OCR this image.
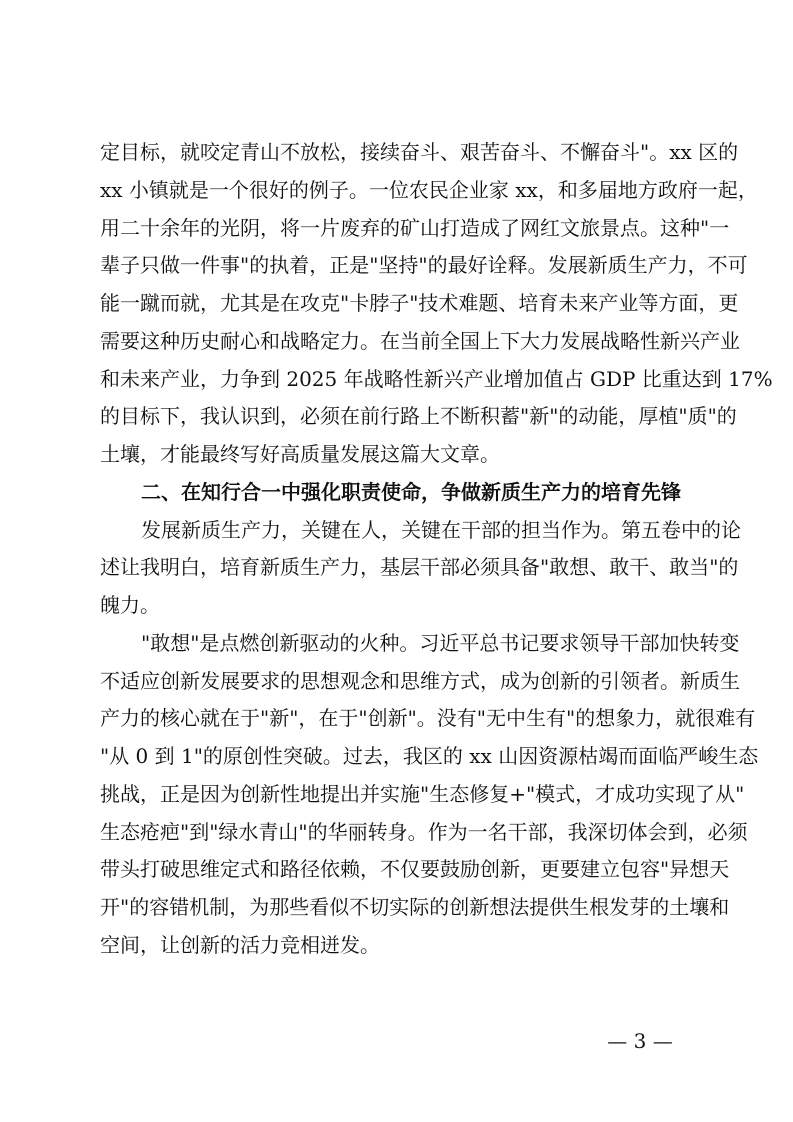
定目标，就咬定青山不放松，接续奋斗、艰苦奋斗、不懈奋斗"。xx 区的
xx 小镇就是一个很好的例子。一位农民企业家 xx，和多届地方政府一起，
用二十余年的光阴，将一片废弃的矿山打造成了网红文旅景点。这种"一
辈子只做一件事"的执着，正是"坚持"的最好诠释。发展新质生产力，不可
能一蹴而就，尤其是在攻克"卡脖子"技术难题、培育未来产业等方面，更
需要这种历史耐心和战略定力。在当前全国上下大力发展战略性新兴产业
和未来产业，力争到 2025 年战略性新兴产业增加值占 GDP 比重达到 17%
的目标下，我认识到，必须在前行路上不断积蓄"新"的动能，厚植"质"的
土壤，才能最终写好高质量发展这篇大文章。
二、在知行合一中强化职责使命，争做新质生产力的培育先锋
发展新质生产力，关键在人，关键在干部的担当作为。第五卷中的论
述让我明白，培育新质生产力，基层干部必须具备"敢想、敢干、敢当"的
魄力。
"敢想"是点燃创新驱动的火种。习近平总书记要求领导干部加快转变
不适应创新发展要求的思想观念和思维方式，成为创新的引领者。新质生
产力的核心就在于"新"，在于"创新"。没有"无中生有"的想象力，就很难有
"从 0 到 1"的原创性突破。过去，我区的 xx 山因资源枯竭而面临严峻生态
挑战，正是因为创新性地提出并实施"生态修复+"模式，才成功实现了从"
生态疮疤"到"绿水青山"的华丽转身。作为一名干部，我深切体会到，必须
带头打破思维定式和路径依赖，不仅要鼓励创新，更要建立包容"异想天
开"的容错机制，为那些看似不切实际的创新想法提供生根发芽的土壤和
空间，让创新的活力竞相迸发。
— 3 —
